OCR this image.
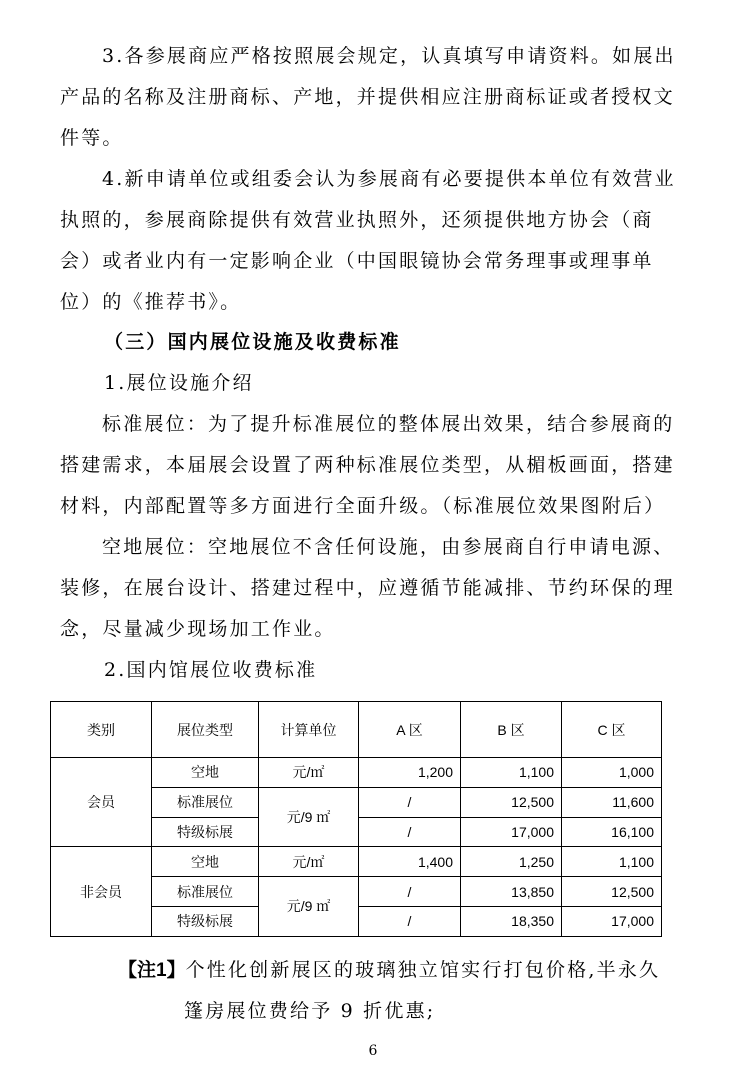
3.各参展商应严格按照展会规定，认真填写申请资料。如展出产品的名称及注册商标、产地，并提供相应注册商标证或者授权文件等。

4.新申请单位或组委会认为参展商有必要提供本单位有效营业执照的，参展商除提供有效营业执照外，还须提供地方协会（商会）或者业内有一定影响企业（中国眼镜协会常务理事或理事单位）的《推荐书》。

（三）国内展位设施及收费标准

1.展位设施介绍

标准展位：为了提升标准展位的整体展出效果，结合参展商的搭建需求，本届展会设置了两种标准展位类型，从楣板画面，搭建材料，内部配置等多方面进行全面升级。（标准展位效果图附后）

空地展位：空地展位不含任何设施，由参展商自行申请电源、装修，在展台设计、搭建过程中，应遵循节能减排、节约环保的理念，尽量减少现场加工作业。

2.国内馆展位收费标准

类别	展位类型	计算单位	A 区	B 区	C 区
会员	空地	元/㎡	1,200	1,100	1,000
	标准展位	元/9 ㎡	/	12,500	11,600
	特级标展		/	17,000	16,100
非会员	空地	元/㎡	1,400	1,250	1,100
	标准展位	元/9 ㎡	/	13,850	12,500
	特级标展		/	18,350	17,000

【注1】个性化创新展区的玻璃独立馆实行打包价格,半永久篷房展位费给予 9 折优惠;

6
